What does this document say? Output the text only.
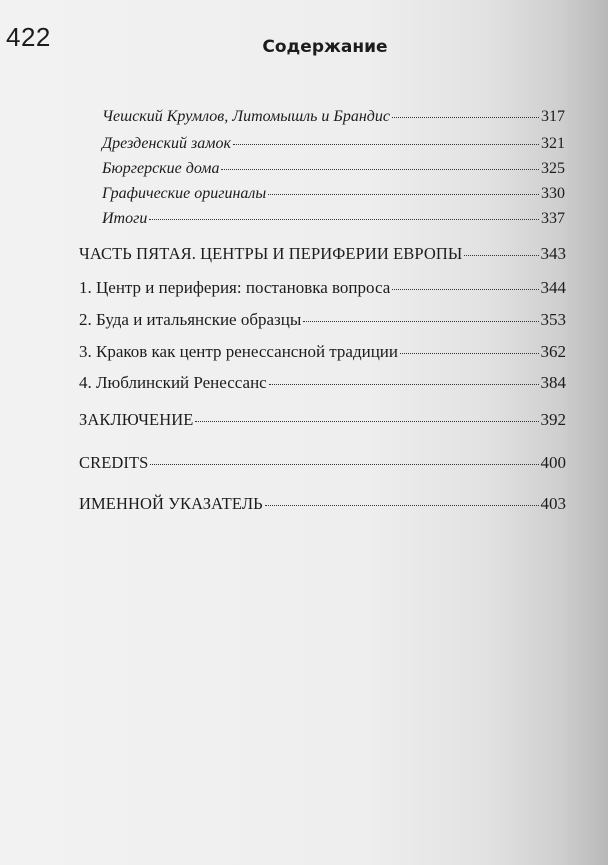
422	Содержание
Чешский Крумлов, Литомышль и Брандис	317
Дрезденский замок	321
Бюргерские дома	325
Графические оригиналы	330
Итоги	337
ЧАСТЬ ПЯТАЯ. ЦЕНТРЫ И ПЕРИФЕРИИ ЕВРОПЫ	343
1. Центр и периферия: постановка вопроса	344
2. Буда и итальянские образцы	353
3. Краков как центр ренессансной традиции	362
4. Люблинский Ренессанс	384
ЗАКЛЮЧЕНИЕ	392
CREDITS	400
ИМЕННОЙ УКАЗАТЕЛЬ	403
